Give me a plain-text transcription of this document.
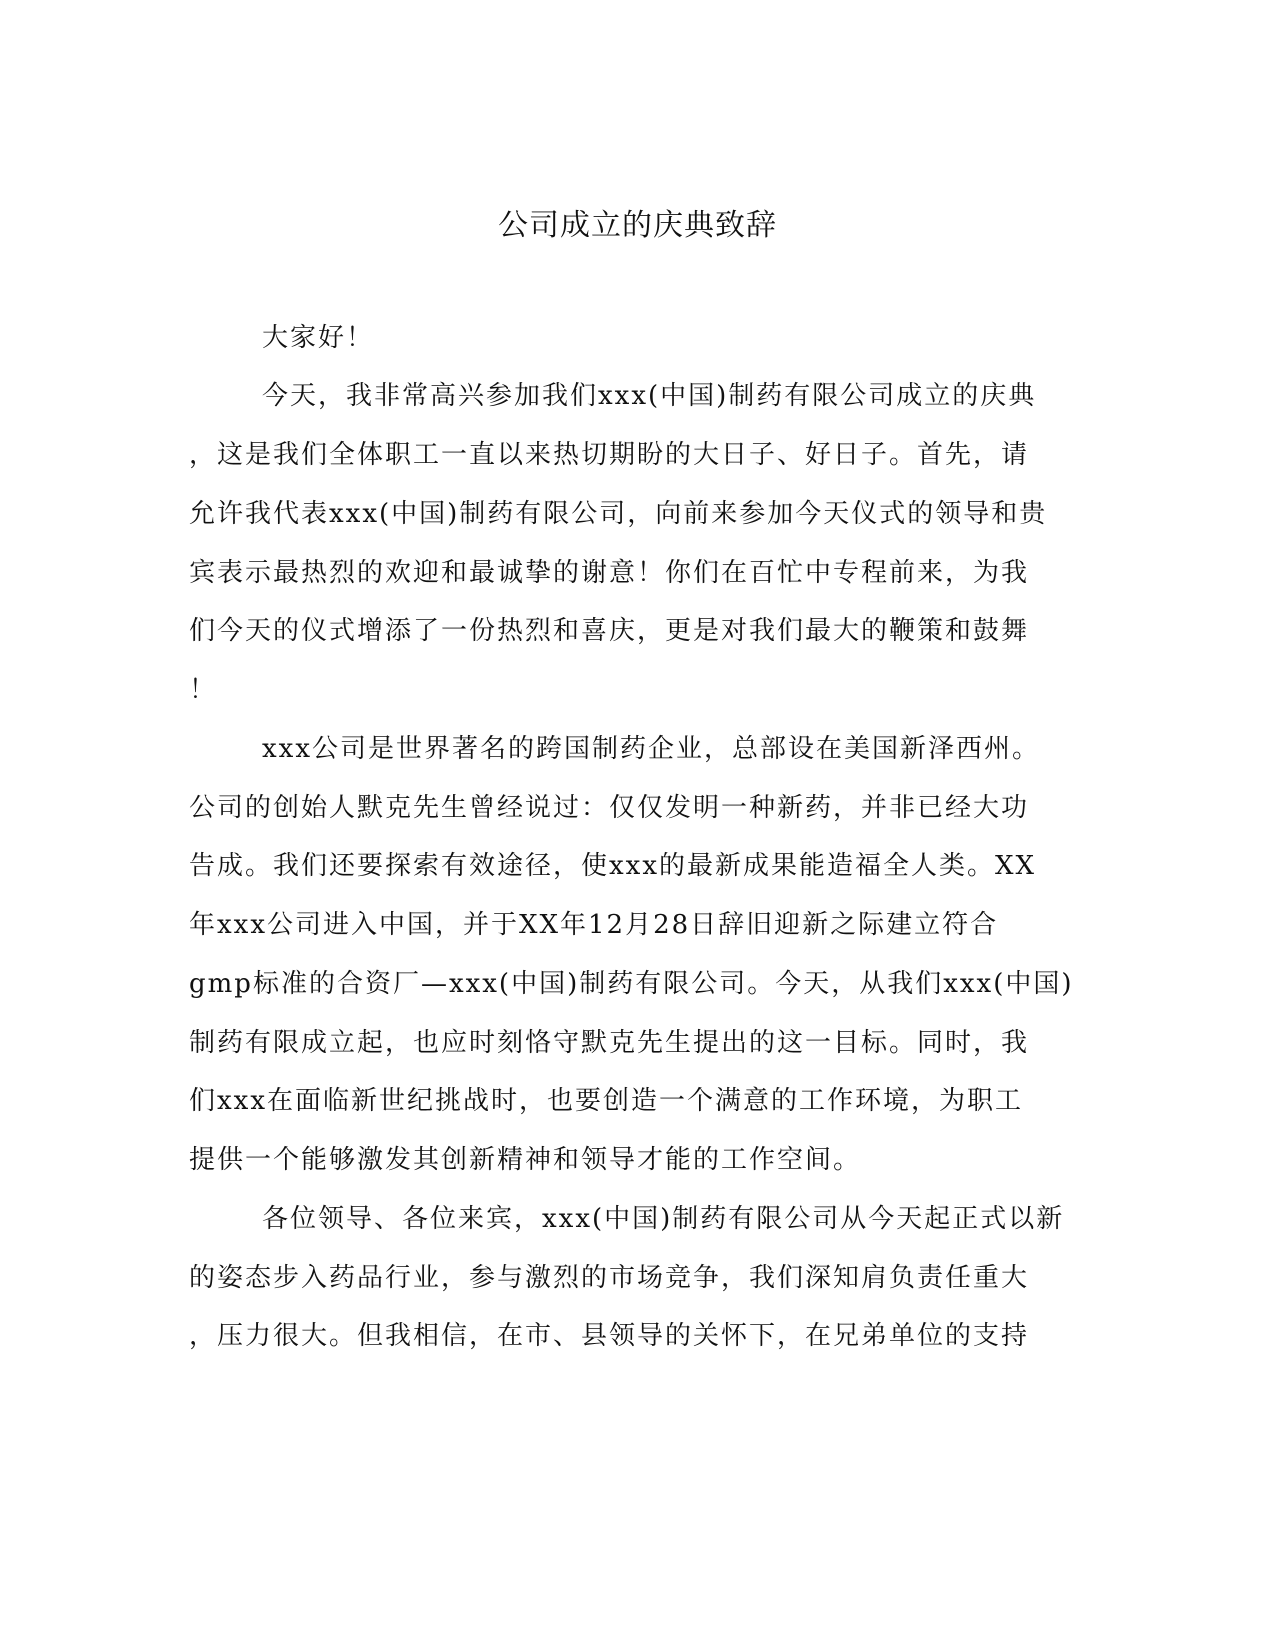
公司成立的庆典致辞

大家好！

今天，我非常高兴参加我们xxx(中国)制药有限公司成立的庆典

，这是我们全体职工一直以来热切期盼的大日子、好日子。首先，请

允许我代表xxx(中国)制药有限公司，向前来参加今天仪式的领导和贵

宾表示最热烈的欢迎和最诚挚的谢意！你们在百忙中专程前来，为我

们今天的仪式增添了一份热烈和喜庆，更是对我们最大的鞭策和鼓舞

！

xxx公司是世界著名的跨国制药企业，总部设在美国新泽西州。

公司的创始人默克先生曾经说过：仅仅发明一种新药，并非已经大功

告成。我们还要探索有效途径，使xxx的最新成果能造福全人类。XX

年xxx公司进入中国，并于XX年12月28日辞旧迎新之际建立符合

gmp标准的合资厂—xxx(中国)制药有限公司。今天，从我们xxx(中国)

制药有限成立起，也应时刻恪守默克先生提出的这一目标。同时，我

们xxx在面临新世纪挑战时，也要创造一个满意的工作环境，为职工

提供一个能够激发其创新精神和领导才能的工作空间。

各位领导、各位来宾，xxx(中国)制药有限公司从今天起正式以新

的姿态步入药品行业，参与激烈的市场竞争，我们深知肩负责任重大

，压力很大。但我相信，在市、县领导的关怀下，在兄弟单位的支持
